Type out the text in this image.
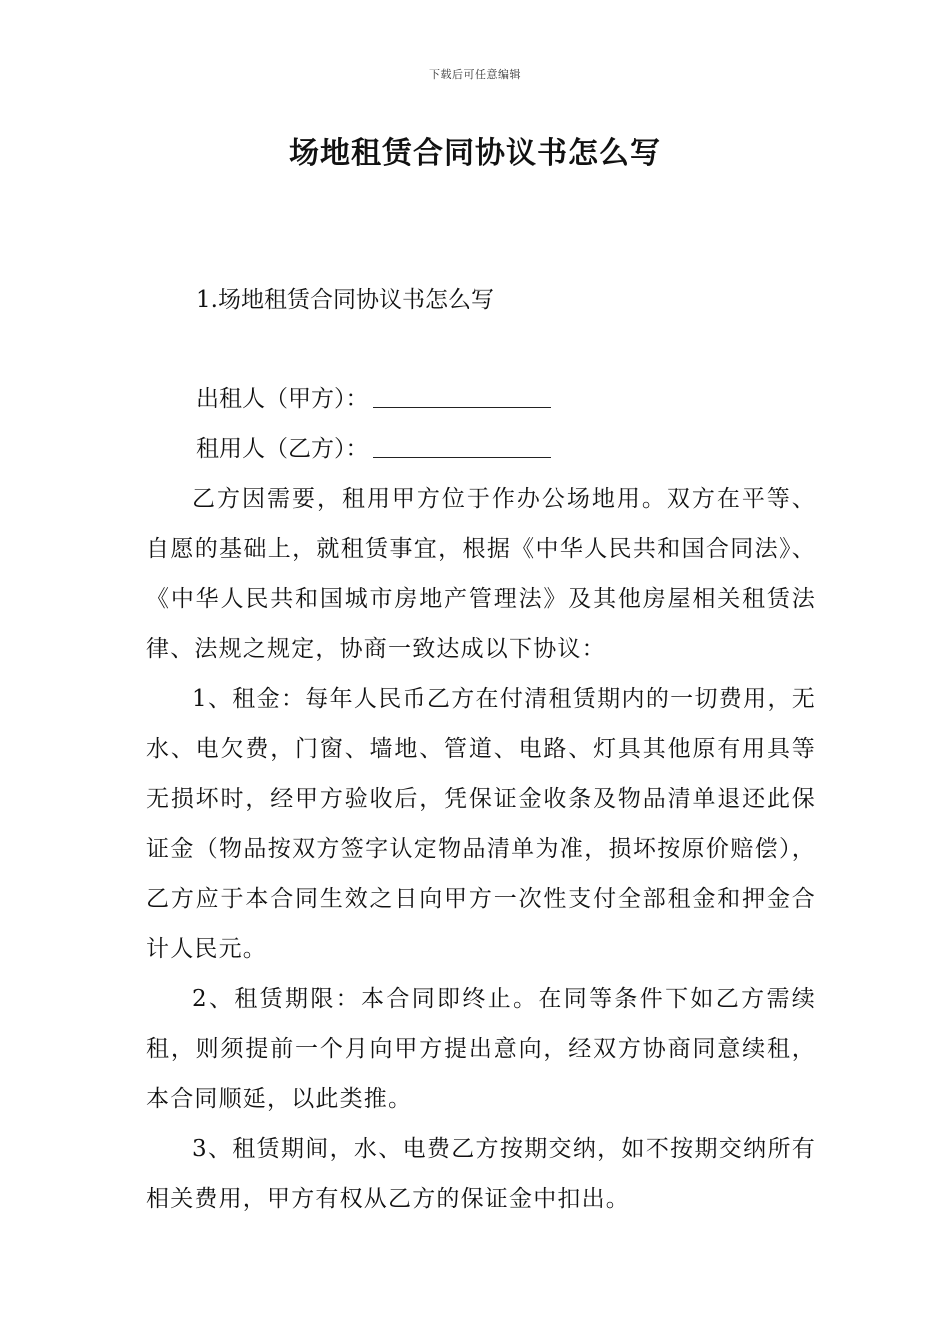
下载后可任意编辑
场地租赁合同协议书怎么写
1.场地租赁合同协议书怎么写
出租人（甲方）：
租用人（乙方）：

乙方因需要，租用甲方位于作办公场地用。双方在平等、自愿的基础上，就租赁事宜，根据《中华人民共和国合同法》、《中华人民共和国城市房地产管理法》及其他房屋相关租赁法律、法规之规定，协商一致达成以下协议：

1、租金：每年人民币乙方在付清租赁期内的一切费用，无水、电欠费，门窗、墙地、管道、电路、灯具其他原有用具等无损坏时，经甲方验收后，凭保证金收条及物品清单退还此保证金（物品按双方签字认定物品清单为准，损坏按原价赔偿），乙方应于本合同生效之日向甲方一次性支付全部租金和押金合计人民元。

2、租赁期限：本合同即终止。在同等条件下如乙方需续租，则须提前一个月向甲方提出意向，经双方协商同意续租，本合同顺延，以此类推。

3、租赁期间，水、电费乙方按期交纳，如不按期交纳所有相关费用，甲方有权从乙方的保证金中扣出。
